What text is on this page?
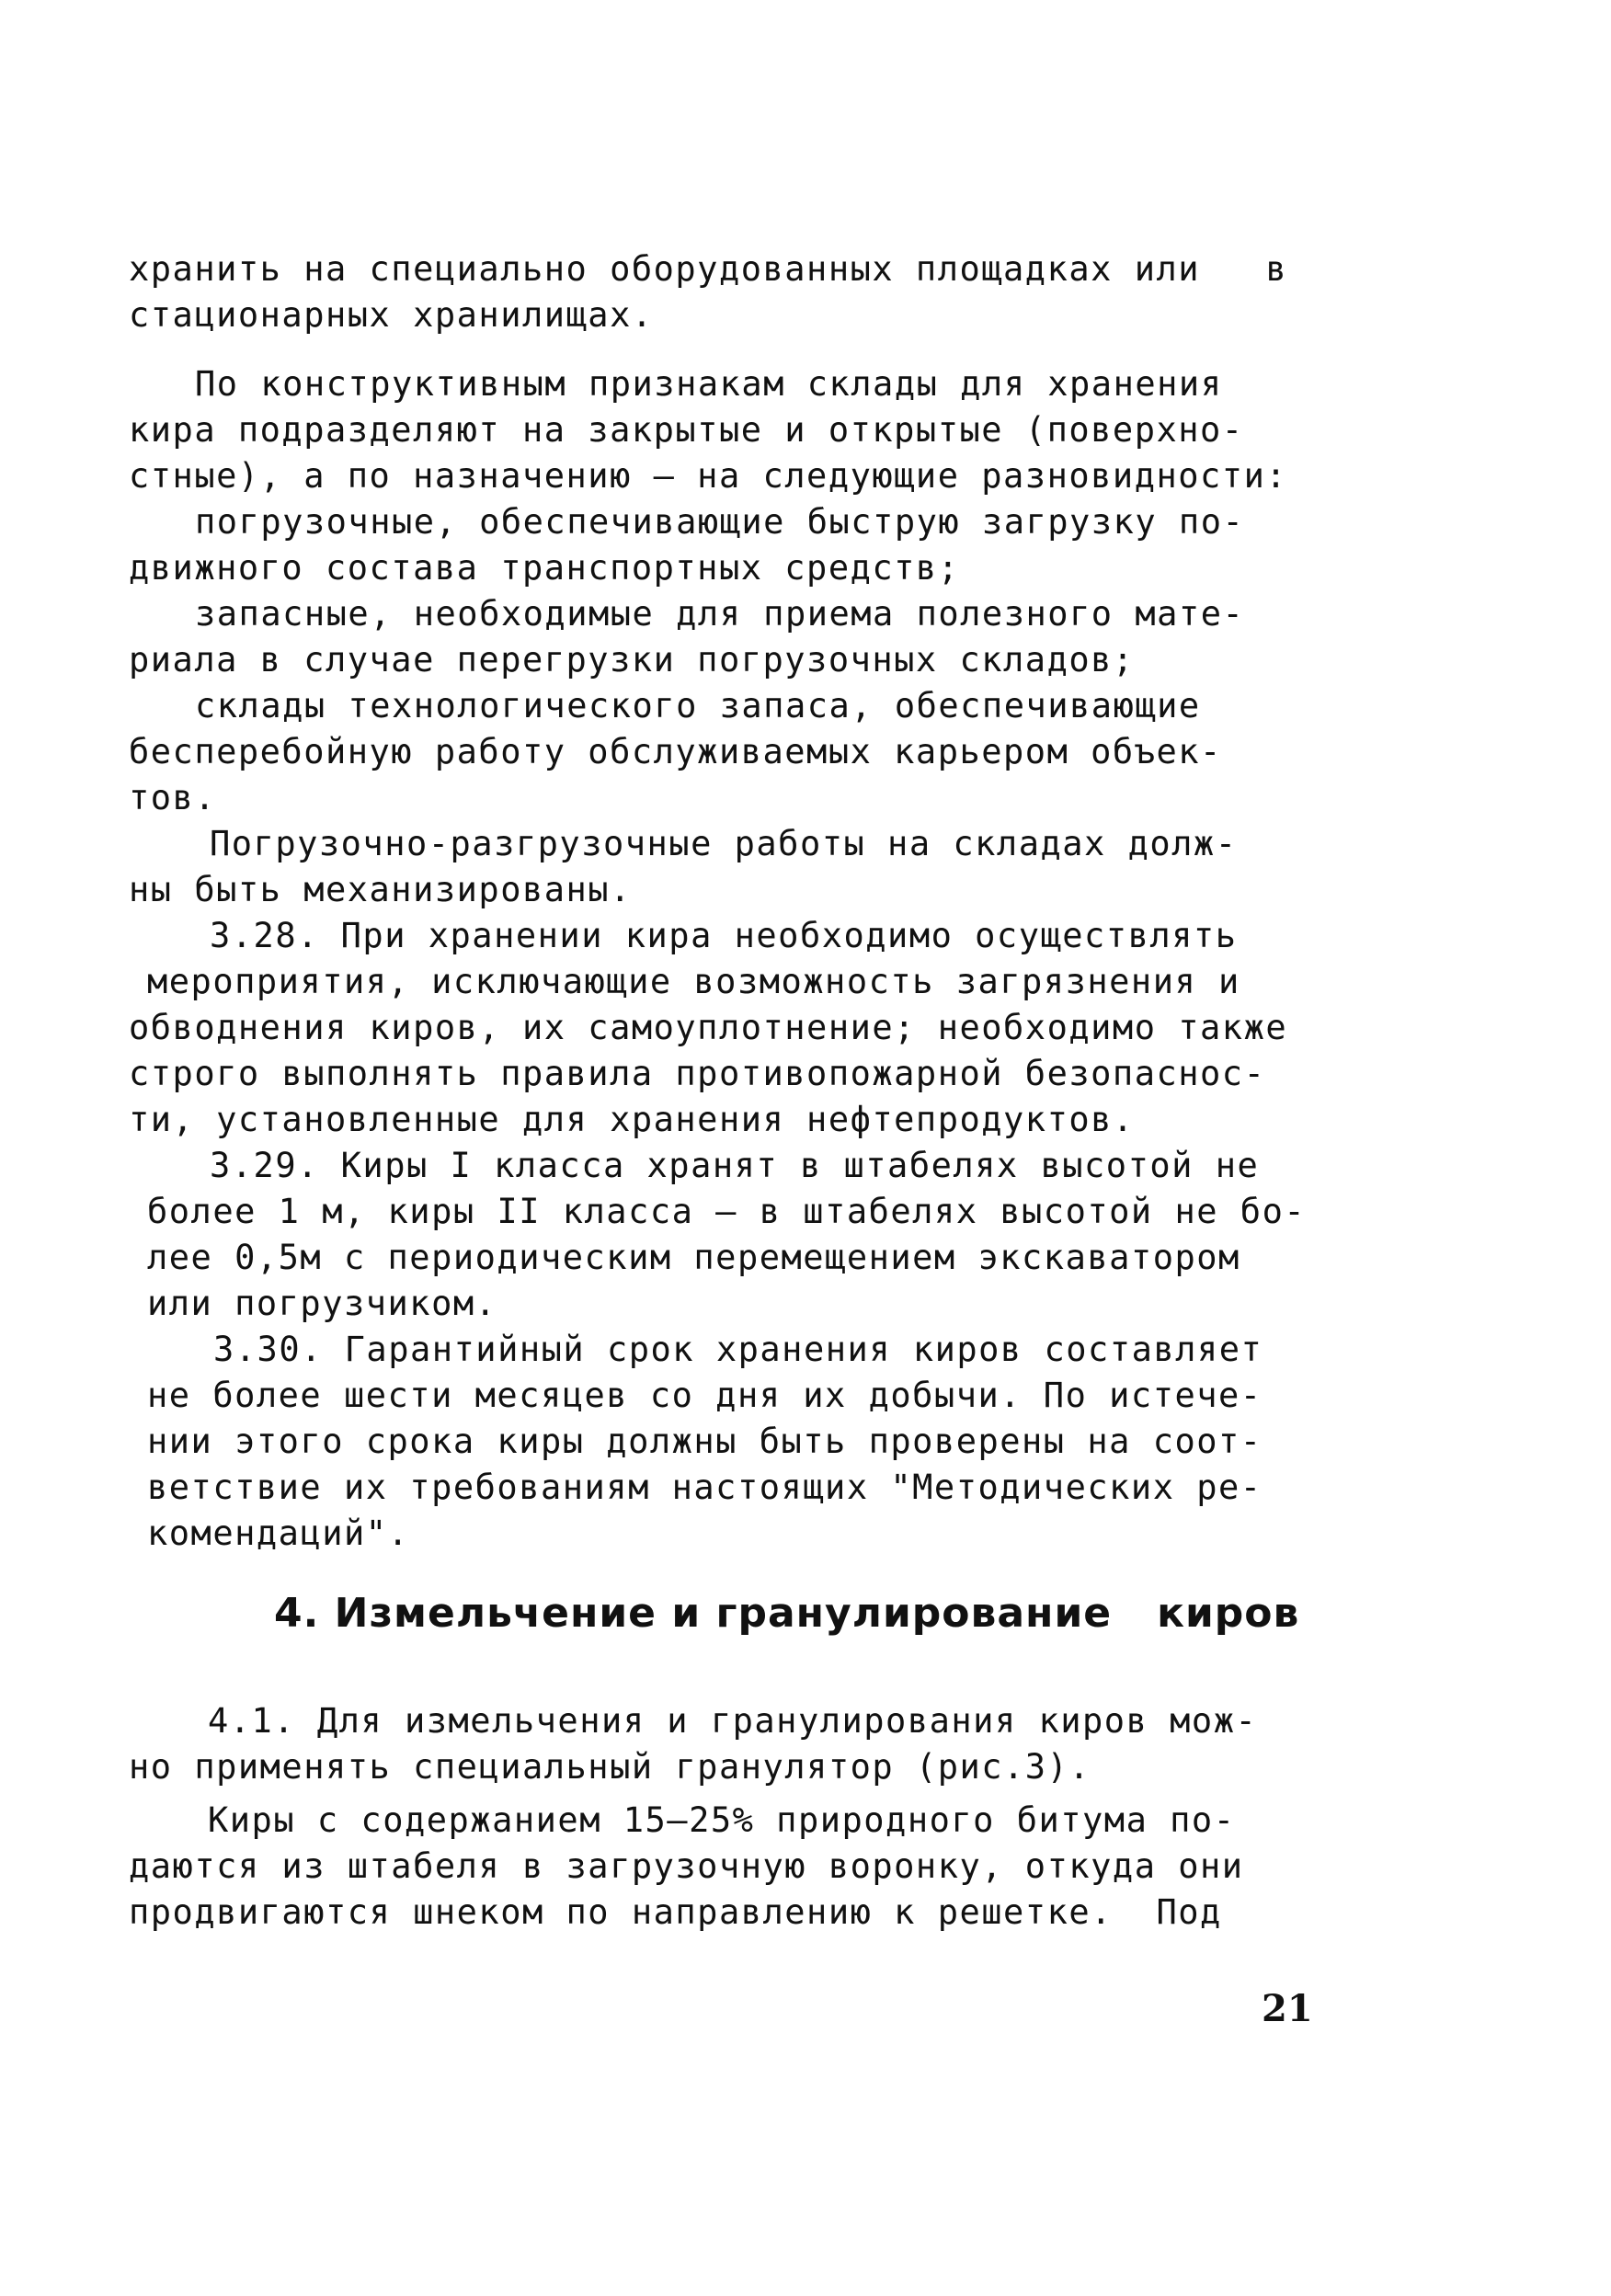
хранить на специально оборудованных площадках или   в
стационарных хранилищах.
По конструктивным признакам склады для хранения
кира подразделяют на закрытые и открытые (поверхно-
стные), а по назначению – на следующие разновидности:
погрузочные, обеспечивающие быструю загрузку по-
движного состава транспортных средств;
запасные, необходимые для приема полезного мате-
риала в случае перегрузки погрузочных складов;
склады технологического запаса, обеспечивающие
бесперебойную работу обслуживаемых карьером объек-
тов.
Погрузочно-разгрузочные работы на складах долж-
ны быть механизированы.
3.28. При хранении кира необходимо осуществлять
мероприятия, исключающие возможность загрязнения и
обводнения киров, их самоуплотнение; необходимо также
строго выполнять правила противопожарной безопаснос-
ти, установленные для хранения нефтепродуктов.
3.29. Киры I класса хранят в штабелях высотой не
более 1 м, киры II класса – в штабелях высотой не бо-
лее 0,5м с периодическим перемещением экскаватором
или погрузчиком.
3.30. Гарантийный срок хранения киров составляет
не более шести месяцев со дня их добычи. По истече-
нии этого срока киры должны быть проверены на соот-
ветствие их требованиям настоящих "Методических ре-
комендаций".
4. Измельчение и гранулирование   киров
4.1. Для измельчения и гранулирования киров мож-
но применять специальный гранулятор (рис.3).
Киры с содержанием 15–25% природного битума по-
даются из штабеля в загрузочную воронку, откуда они
продвигаются шнеком по направлению к решетке.  Под
21
